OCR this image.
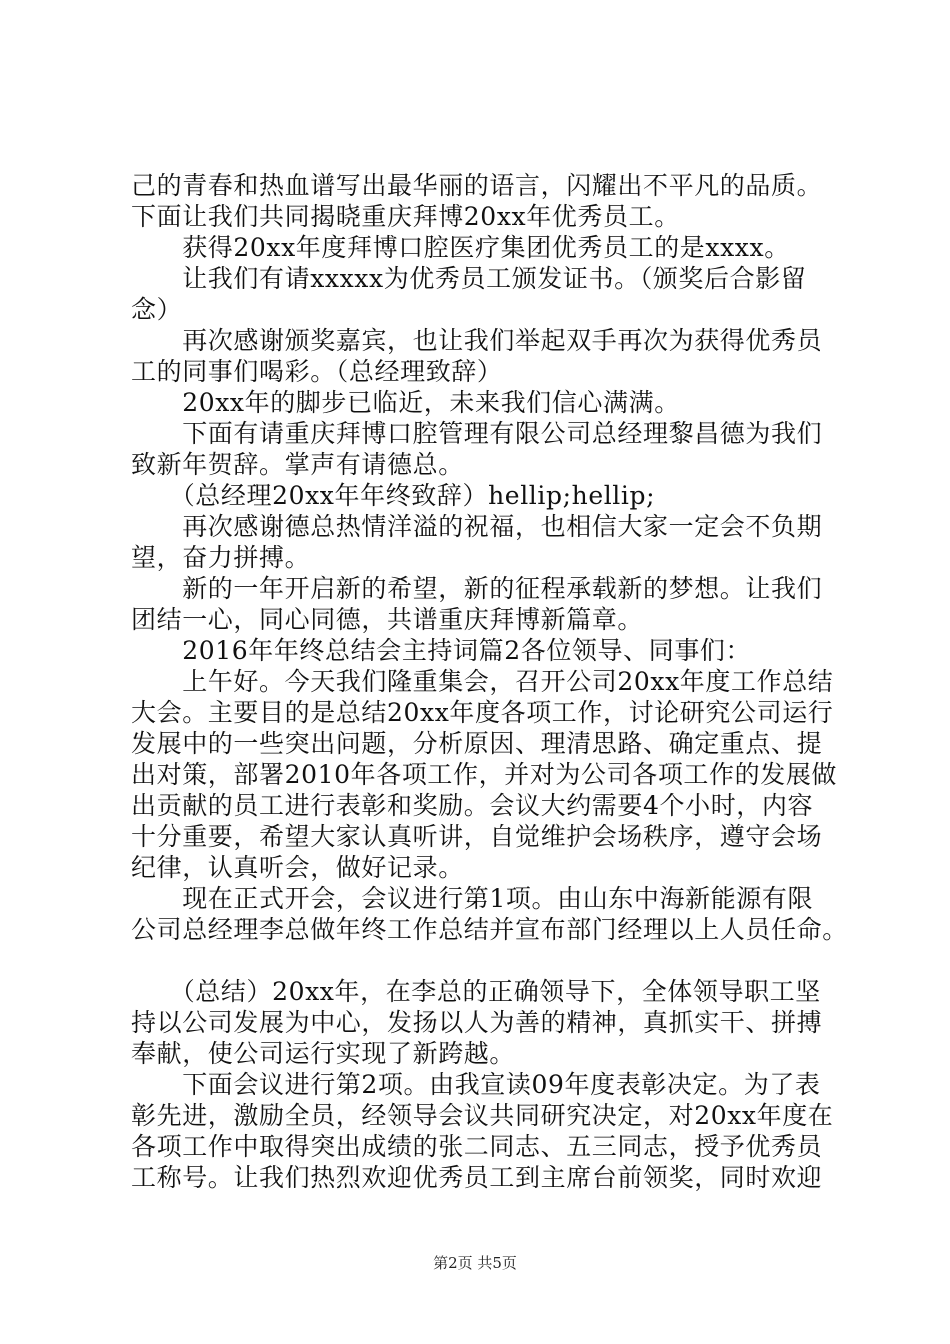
己的青春和热血谱写出最华丽的语言，闪耀出不平凡的品质。

下面让我们共同揭晓重庆拜博20xx年优秀员工。

　　获得20xx年度拜博口腔医疗集团优秀员工的是xxxx。

　　让我们有请xxxxx为优秀员工颁发证书。（颁奖后合影留

念）

　　再次感谢颁奖嘉宾，也让我们举起双手再次为获得优秀员

工的同事们喝彩。（总经理致辞）

　　20xx年的脚步已临近，未来我们信心满满。

　　下面有请重庆拜博口腔管理有限公司总经理黎昌德为我们

致新年贺辞。掌声有请德总。

　　（总经理20xx年年终致辞）hellip;hellip;

　　再次感谢德总热情洋溢的祝福，也相信大家一定会不负期

望，奋力拼搏。

　　新的一年开启新的希望，新的征程承载新的梦想。让我们

团结一心，同心同德，共谱重庆拜博新篇章。

　　2016年年终总结会主持词篇2各位领导、同事们：

　　上午好。今天我们隆重集会，召开公司20xx年度工作总结

大会。主要目的是总结20xx年度各项工作，讨论研究公司运行

发展中的一些突出问题，分析原因、理清思路、确定重点、提

出对策，部署2010年各项工作，并对为公司各项工作的发展做

出贡献的员工进行表彰和奖励。会议大约需要4个小时，内容

十分重要，希望大家认真听讲，自觉维护会场秩序，遵守会场

纪律，认真听会，做好记录。

　　现在正式开会，会议进行第1项。由山东中海新能源有限

公司总经理李总做年终工作总结并宣布部门经理以上人员任命。

　　（总结）20xx年，在李总的正确领导下，全体领导职工坚

持以公司发展为中心，发扬以人为善的精神，真抓实干、拼搏

奉献，使公司运行实现了新跨越。

　　下面会议进行第2项。由我宣读09年度表彰决定。为了表

彰先进，激励全员，经领导会议共同研究决定，对20xx年度在

各项工作中取得突出成绩的张二同志、五三同志，授予优秀员

工称号。让我们热烈欢迎优秀员工到主席台前领奖，同时欢迎

第2页 共5页
